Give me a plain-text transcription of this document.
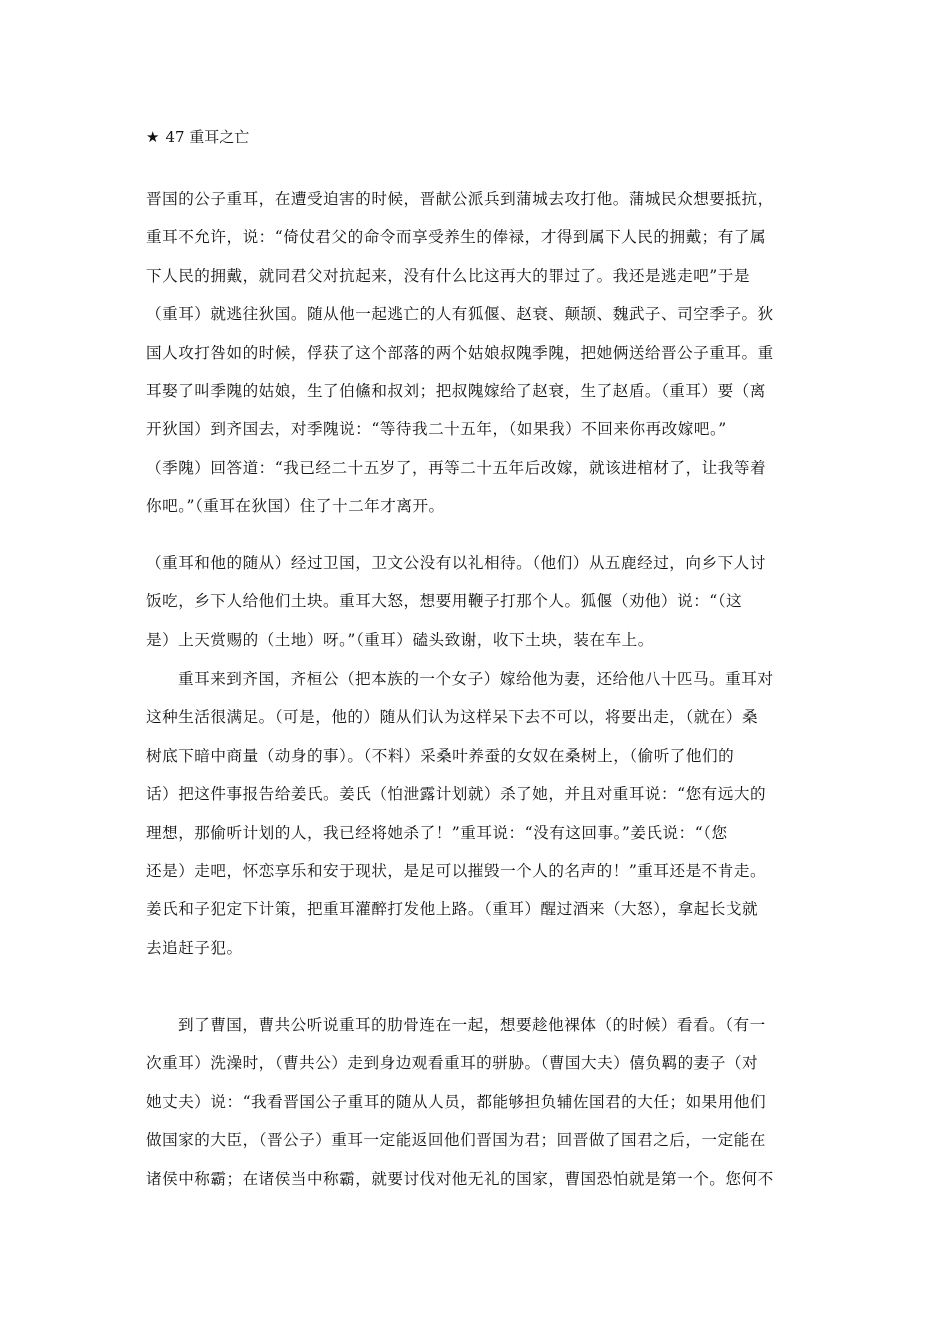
★ 47 重耳之亡
晋国的公子重耳，在遭受迫害的时候，晋献公派兵到蒲城去攻打他。蒲城民众想要抵抗，
重耳不允许，说：“倚仗君父的命令而享受养生的俸禄，才得到属下人民的拥戴；有了属
下人民的拥戴，就同君父对抗起来，没有什么比这再大的罪过了。我还是逃走吧”于是
（重耳）就逃往狄国。随从他一起逃亡的人有狐偃、赵衰、颠颉、魏武子、司空季子。狄
国人攻打咎如的时候，俘获了这个部落的两个姑娘叔隗季隗，把她俩送给晋公子重耳。重
耳娶了叫季隗的姑娘，生了伯鯈和叔刘；把叔隗嫁给了赵衰，生了赵盾。（重耳）要（离
开狄国）到齐国去，对季隗说：“等待我二十五年，（如果我）不回来你再改嫁吧。”
（季隗）回答道：“我已经二十五岁了，再等二十五年后改嫁，就该进棺材了，让我等着
你吧。”（重耳在狄国）住了十二年才离开。
（重耳和他的随从）经过卫国，卫文公没有以礼相待。（他们）从五鹿经过，向乡下人讨
饭吃，乡下人给他们土块。重耳大怒，想要用鞭子打那个人。狐偃（劝他）说：“（这
是）上天赏赐的（土地）呀。”（重耳）磕头致谢，收下土块，装在车上。
重耳来到齐国，齐桓公（把本族的一个女子）嫁给他为妻，还给他八十匹马。重耳对
这种生活很满足。（可是，他的）随从们认为这样呆下去不可以，将要出走，（就在）桑
树底下暗中商量（动身的事）。（不料）采桑叶养蚕的女奴在桑树上，（偷听了他们的
话）把这件事报告给姜氏。姜氏（怕泄露计划就）杀了她，并且对重耳说：“您有远大的
理想，那偷听计划的人，我已经将她杀了！”重耳说：“没有这回事。”姜氏说：“（您
还是）走吧，怀恋享乐和安于现状，是足可以摧毁一个人的名声的！”重耳还是不肯走。
姜氏和子犯定下计策，把重耳灌醉打发他上路。（重耳）醒过酒来（大怒），拿起长戈就
去追赶子犯。
到了曹国，曹共公听说重耳的肋骨连在一起，想要趁他裸体（的时候）看看。（有一
次重耳）洗澡时，（曹共公）走到身边观看重耳的骈胁。（曹国大夫）僖负羁的妻子（对
她丈夫）说：“我看晋国公子重耳的随从人员，都能够担负辅佐国君的大任；如果用他们
做国家的大臣，（晋公子）重耳一定能返回他们晋国为君；回晋做了国君之后，一定能在
诸侯中称霸；在诸侯当中称霸，就要讨伐对他无礼的国家，曹国恐怕就是第一个。您何不
